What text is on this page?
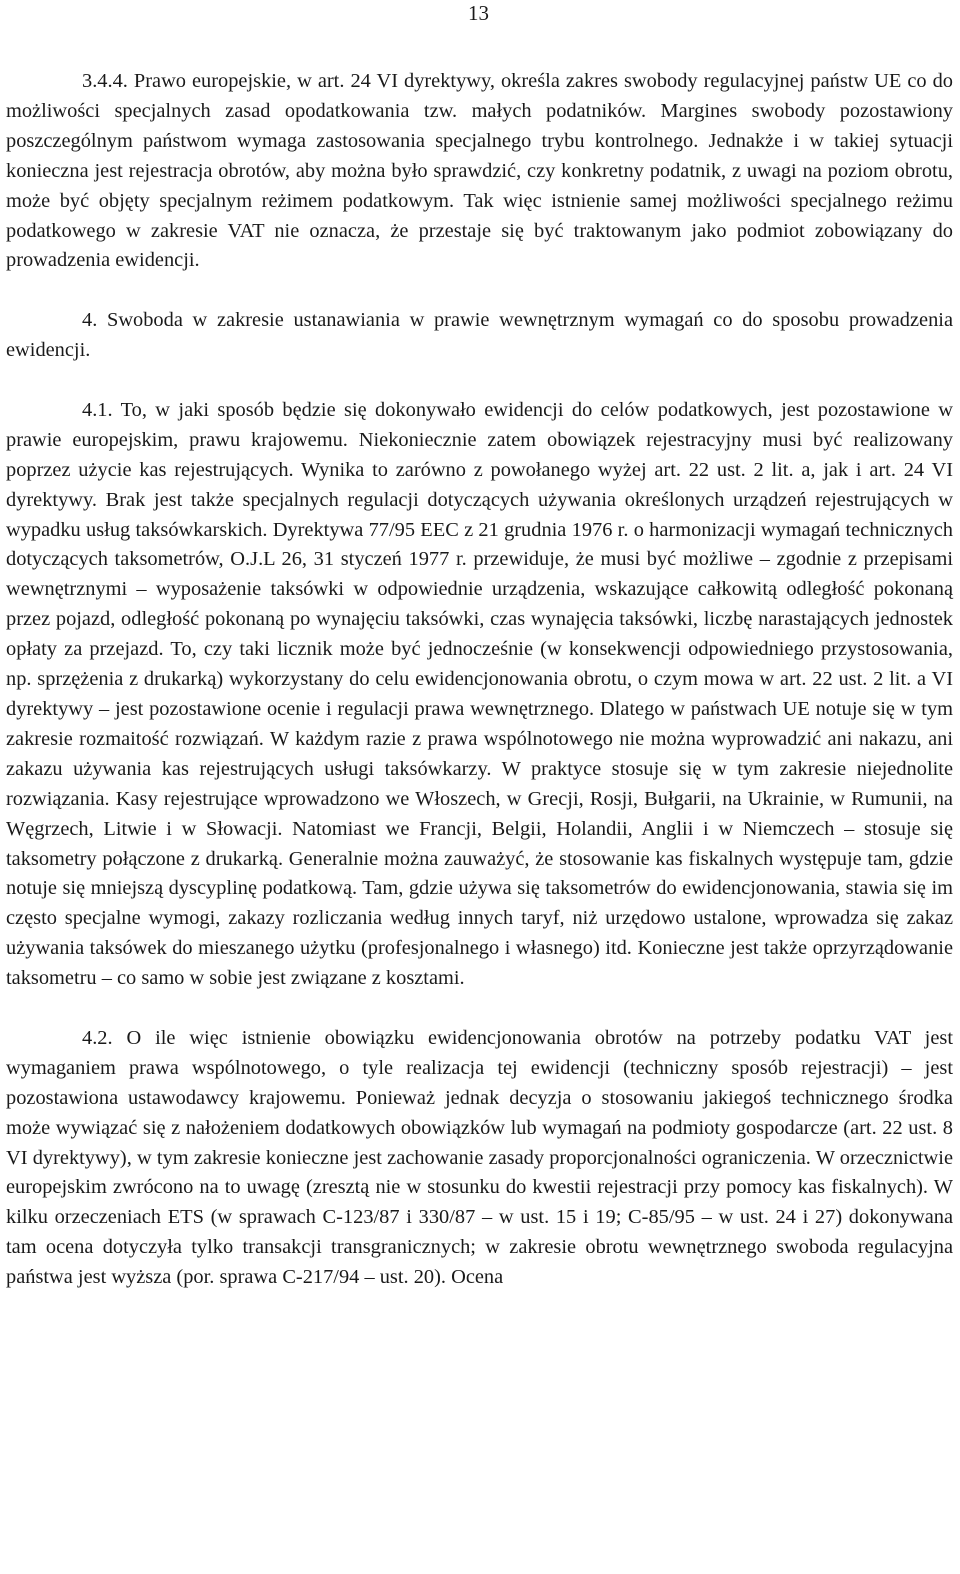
13

3.4.4. Prawo europejskie, w art. 24 VI dyrektywy, określa zakres swobody regulacyjnej państw UE co do możliwości specjalnych zasad opodatkowania tzw. małych podatników. Margines swobody pozostawiony poszczególnym państwom wymaga zastosowania specjalnego trybu kontrolnego. Jednakże i w takiej sytuacji konieczna jest rejestracja obrotów, aby można było sprawdzić, czy konkretny podatnik, z uwagi na poziom obrotu, może być objęty specjalnym reżimem podatkowym. Tak więc istnienie samej możliwości specjalnego reżimu podatkowego w zakresie VAT nie oznacza, że przestaje się być traktowanym jako podmiot zobowiązany do prowadzenia ewidencji.

4. Swoboda w zakresie ustanawiania w prawie wewnętrznym wymagań co do sposobu prowadzenia ewidencji.

4.1. To, w jaki sposób będzie się dokonywało ewidencji do celów podatkowych, jest pozostawione w prawie europejskim, prawu krajowemu. Niekoniecznie zatem obowiązek rejestracyjny musi być realizowany poprzez użycie kas rejestrujących. Wynika to zarówno z powołanego wyżej art. 22 ust. 2 lit. a, jak i art. 24 VI dyrektywy. Brak jest także specjalnych regulacji dotyczących używania określonych urządzeń rejestrujących w wypadku usług taksówkarskich. Dyrektywa 77/95 EEC z 21 grudnia 1976 r. o harmonizacji wymagań technicznych dotyczących taksometrów, O.J.L 26, 31 styczeń 1977 r. przewiduje, że musi być możliwe – zgodnie z przepisami wewnętrznymi – wyposażenie taksówki w odpowiednie urządzenia, wskazujące całkowitą odległość pokonaną przez pojazd, odległość pokonaną po wynajęciu taksówki, czas wynajęcia taksówki, liczbę narastających jednostek opłaty za przejazd. To, czy taki licznik może być jednocześnie (w konsekwencji odpowiedniego przystosowania, np. sprzężenia z drukarką) wykorzystany do celu ewidencjonowania obrotu, o czym mowa w art. 22 ust. 2 lit. a VI dyrektywy – jest pozostawione ocenie i regulacji prawa wewnętrznego. Dlatego w państwach UE notuje się w tym zakresie rozmaitość rozwiązań. W każdym razie z prawa wspólnotowego nie można wyprowadzić ani nakazu, ani zakazu używania kas rejestrujących usługi taksówkarzy. W praktyce stosuje się w tym zakresie niejednolite rozwiązania. Kasy rejestrujące wprowadzono we Włoszech, w Grecji, Rosji, Bułgarii, na Ukrainie, w Rumunii, na Węgrzech, Litwie i w Słowacji. Natomiast we Francji, Belgii, Holandii, Anglii i w Niemczech – stosuje się taksometry połączone z drukarką. Generalnie można zauważyć, że stosowanie kas fiskalnych występuje tam, gdzie notuje się mniejszą dyscyplinę podatkową. Tam, gdzie używa się taksometrów do ewidencjonowania, stawia się im często specjalne wymogi, zakazy rozliczania według innych taryf, niż urzędowo ustalone, wprowadza się zakaz używania taksówek do mieszanego użytku (profesjonalnego i własnego) itd. Konieczne jest także oprzyrządowanie taksometru – co samo w sobie jest związane z kosztami.

4.2. O ile więc istnienie obowiązku ewidencjonowania obrotów na potrzeby podatku VAT jest wymaganiem prawa wspólnotowego, o tyle realizacja tej ewidencji (techniczny sposób rejestracji) – jest pozostawiona ustawodawcy krajowemu. Ponieważ jednak decyzja o stosowaniu jakiegoś technicznego środka może wywiązać się z nałożeniem dodatkowych obowiązków lub wymagań na podmioty gospodarcze (art. 22 ust. 8 VI dyrektywy), w tym zakresie konieczne jest zachowanie zasady proporcjonalności ograniczenia. W orzecznictwie europejskim zwrócono na to uwagę (zresztą nie w stosunku do kwestii rejestracji przy pomocy kas fiskalnych). W kilku orzeczeniach ETS (w sprawach C-123/87 i 330/87 – w ust. 15 i 19; C-85/95 – w ust. 24 i 27) dokonywana tam ocena dotyczyła tylko transakcji transgranicznych; w zakresie obrotu wewnętrznego swoboda regulacyjna państwa jest wyższa (por. sprawa C-217/94 – ust. 20). Ocena
